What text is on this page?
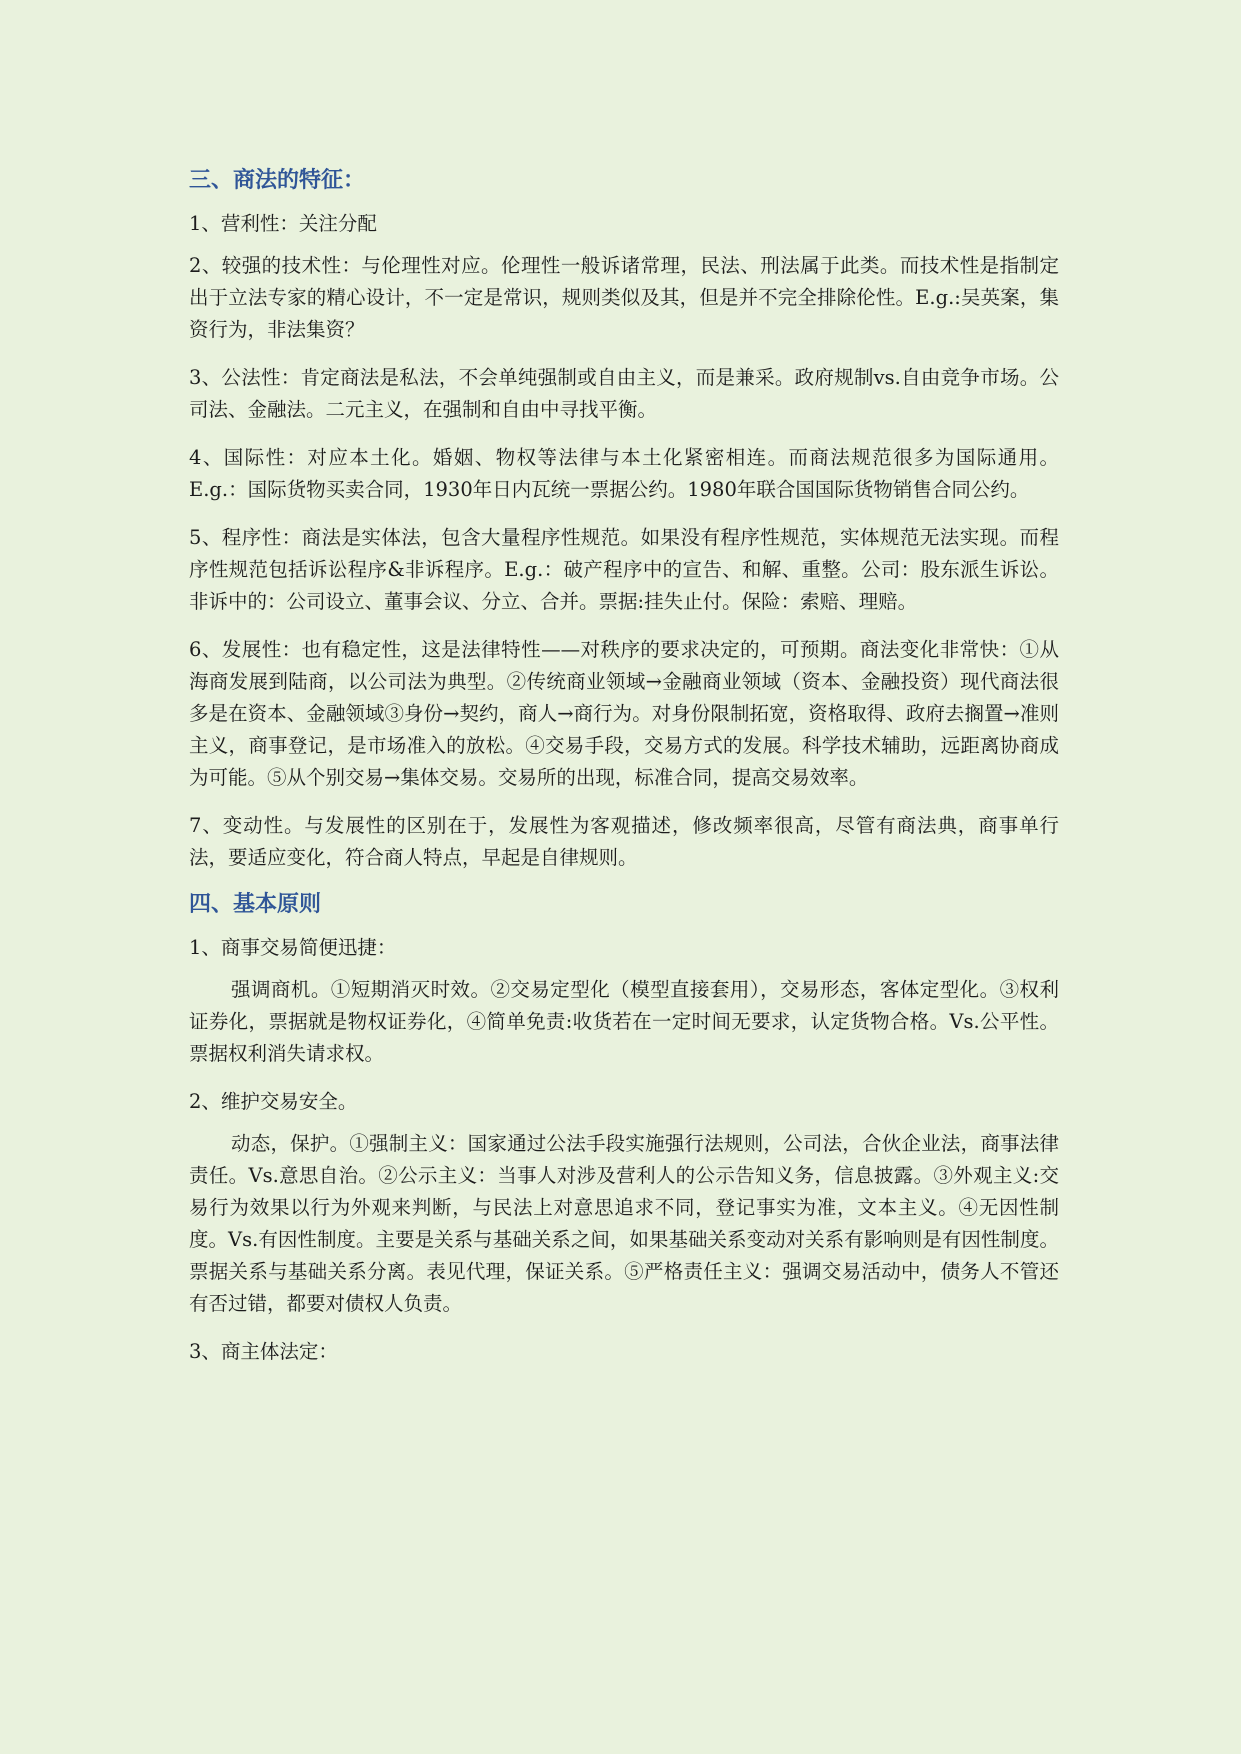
三、商法的特征：

1、营利性：关注分配

2、较强的技术性：与伦理性对应。伦理性一般诉诸常理，民法、刑法属于此类。而技术性是指制定出于立法专家的精心设计，不一定是常识，规则类似及其，但是并不完全排除伦性。E.g.:吴英案，集资行为，非法集资？

3、公法性：肯定商法是私法，不会单纯强制或自由主义，而是兼采。政府规制vs.自由竞争市场。公司法、金融法。二元主义，在强制和自由中寻找平衡。

4、国际性：对应本土化。婚姻、物权等法律与本土化紧密相连。而商法规范很多为国际通用。E.g.：国际货物买卖合同，1930年日内瓦统一票据公约。1980年联合国国际货物销售合同公约。

5、程序性：商法是实体法，包含大量程序性规范。如果没有程序性规范，实体规范无法实现。而程序性规范包括诉讼程序&非诉程序。E.g.：破产程序中的宣告、和解、重整。公司：股东派生诉讼。非诉中的：公司设立、董事会议、分立、合并。票据:挂失止付。保险：索赔、理赔。

6、发展性：也有稳定性，这是法律特性——对秩序的要求决定的，可预期。商法变化非常快：①从海商发展到陆商，以公司法为典型。②传统商业领域→金融商业领域（资本、金融投资）现代商法很多是在资本、金融领域③身份→契约，商人→商行为。对身份限制拓宽，资格取得、政府去搁置→准则主义，商事登记，是市场准入的放松。④交易手段，交易方式的发展。科学技术辅助，远距离协商成为可能。⑤从个别交易→集体交易。交易所的出现，标准合同，提高交易效率。

7、变动性。与发展性的区别在于，发展性为客观描述，修改频率很高，尽管有商法典，商事单行法，要适应变化，符合商人特点，早起是自律规则。

四、基本原则

1、商事交易简便迅捷：

强调商机。①短期消灭时效。②交易定型化（模型直接套用），交易形态，客体定型化。③权利证券化，票据就是物权证券化，④简单免责:收货若在一定时间无要求，认定货物合格。Vs.公平性。票据权利消失请求权。

2、维护交易安全。

动态，保护。①强制主义：国家通过公法手段实施强行法规则，公司法，合伙企业法，商事法律责任。Vs.意思自治。②公示主义：当事人对涉及营利人的公示告知义务，信息披露。③外观主义:交易行为效果以行为外观来判断，与民法上对意思追求不同，登记事实为准，文本主义。④无因性制度。Vs.有因性制度。主要是关系与基础关系之间，如果基础关系变动对关系有影响则是有因性制度。票据关系与基础关系分离。表见代理，保证关系。⑤严格责任主义：强调交易活动中，债务人不管还有否过错，都要对债权人负责。

3、商主体法定：
